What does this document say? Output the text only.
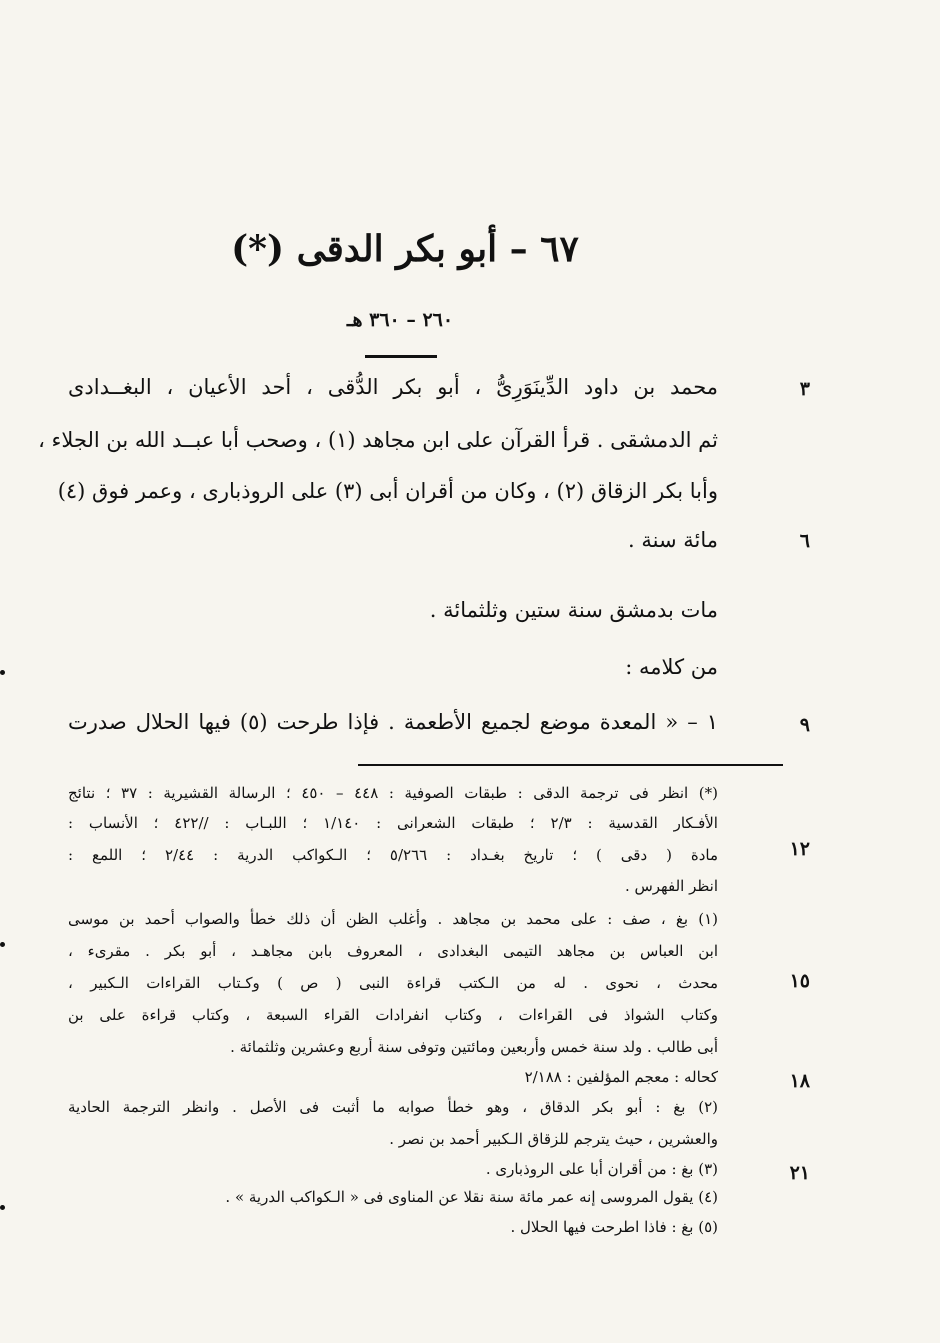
٦٧ – أبو بكر الدقى (*)
٢٦٠ – ٣٦٠ هـ
محمد بن داود الدِّينَوَرِىُّ ، أبو بكر الدُّقى ، أحد الأعيان ، البغــدادى
ثم الدمشقى . قرأ القرآن على ابن مجاهد (١) ، وصحب أبا عبــد الله بن الجلاء ،
وأبا بكر الزقاق (٢) ، وكان من أقران أبى (٣) على الروذبارى ، وعمر فوق (٤)
مائة سنة .
مات بدمشق سنة ستين وثلثمائة .
من كلامه :
١ – « المعدة موضع لجميع الأطعمة . فإذا طرحت (٥) فيها الحلال صدرت
٣
٦
٩
(*) انظر فى ترجمة الدقى : طبقات الصوفية : ٤٤٨ – ٤٥٠ ؛ الرسالة القشيرية : ٣٧ ؛ نتائج
الأفـكار القدسية : ٢/٣ ؛ طبقات الشعرانى : ١/١٤٠ ؛ اللبـاب : //٤٢٢ ؛ الأنساب :
مادة ( دقى ) ؛ تاريخ بغـداد : ٥/٢٦٦ ؛ الـكواكب الدرية : ٢/٤٤ ؛ اللمع :
انظر الفهرس .
(١) بغ ، صف : على محمد بن مجاهد . وأغلب الظن أن ذلك خطأ والصواب أحمد بن موسى
ابن العباس بن مجاهد التيمى البغدادى ، المعروف بابن مجاهـد ، أبو بكر . مقرىء ،
محدث ، نحوى . له من الـكتب قراءة النبى ( ص ) وكـتاب القراءات الـكبير ،
وكتاب الشواذ فى القراءات ، وكتاب انفرادات القراء السبعة ، وكتاب قراءة على بن
أبى طالب . ولد سنة خمس وأربعين ومائتين وتوفى سنة أربع وعشرين وثلثمائة .
كحاله : معجم المؤلفين : ٢/١٨٨
(٢) بغ : أبو بكر الدقاق ، وهو خطأ صوابه ما أثبت فى الأصل . وانظر الترجمة الحادية
والعشرين ، حيث يترجم للزقاق الـكبير أحمد بن نصر .
(٣) بغ : من أقران أبا على الروذبارى .
(٤) يقول المروسى إنه عمر مائة سنة نقلا عن المناوى فى « الـكواكب الدرية » .
(٥) بغ : فاذا اطرحت فيها الحلال .
١٢
١٥
١٨
٢١
